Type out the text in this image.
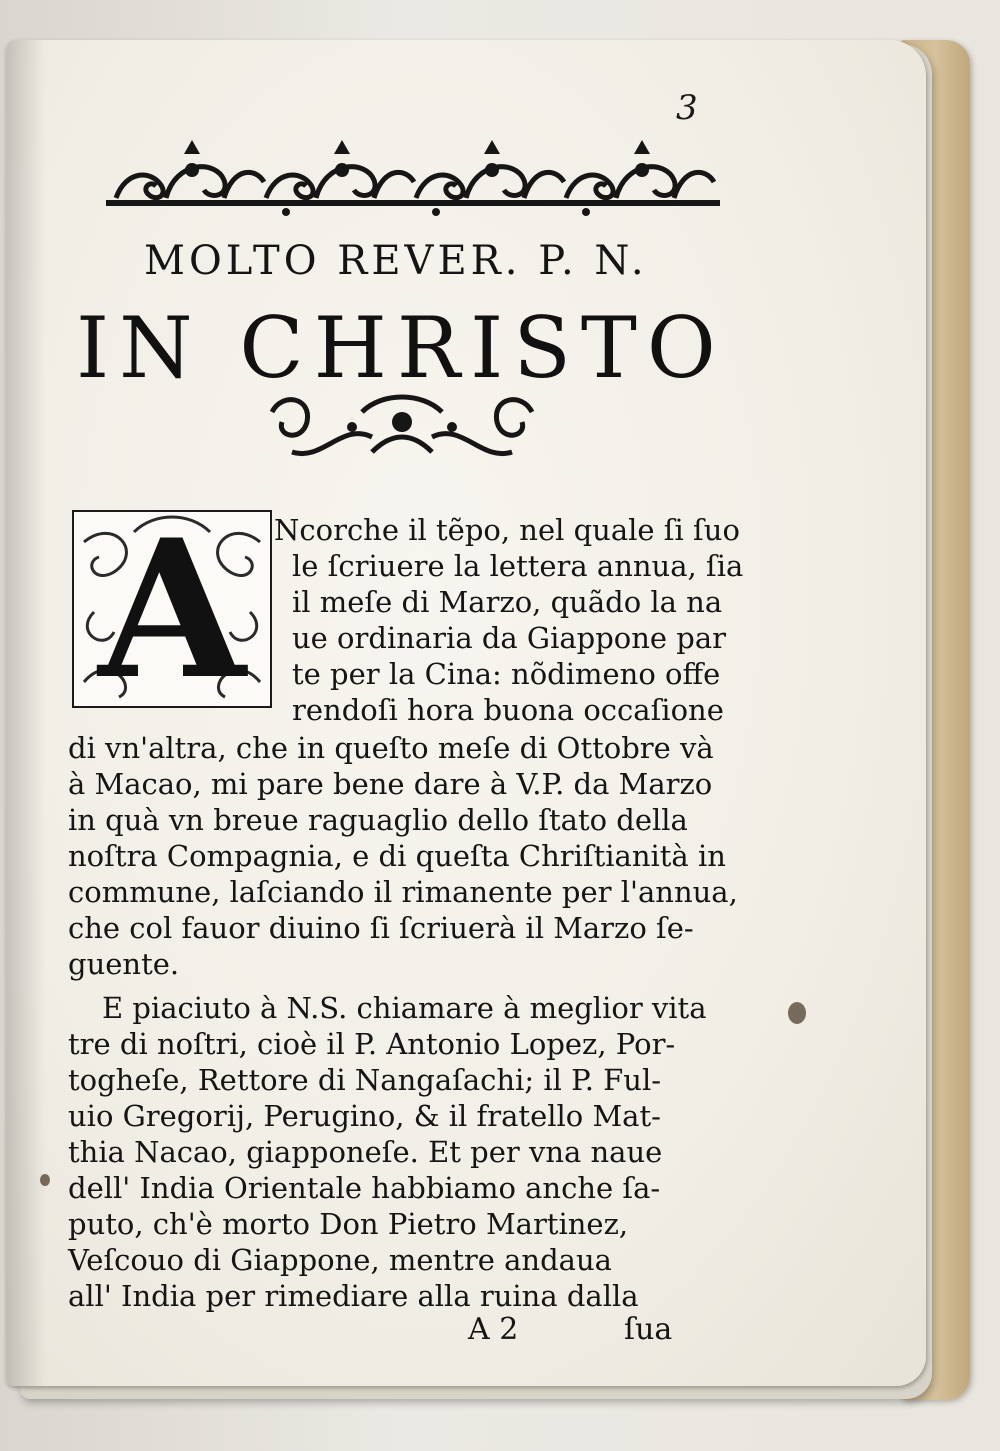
3
MOLTO REVER. P. N.
IN CHRISTO
A Ncorche il tẽpo, nel quale ſi ſuo
le ſcriuere la lettera annua, ſia
il meſe di Marzo, quãdo la na
ue ordinaria da Giappone par
te per la Cina: nõdimeno offe
rendoſi hora buona occaſione
di vn'altra, che in queſto meſe di Ottobre và
à Macao, mi pare bene dare à V.P. da Marzo
in quà vn breue raguaglio dello ſtato della
noſtra Compagnia, e di queſta Chriſtianità in
commune, laſciando il rimanente per l'annua,
che col fauor diuino ſi ſcriuerà il Marzo ſe-
guente.
E piaciuto à N.S. chiamare à meglior vita
tre di noſtri, cioè il P. Antonio Lopez, Por-
togheſe, Rettore di Nangaſachi; il P. Ful-
uio Gregorij, Perugino, & il fratello Mat-
thia Nacao, giapponeſe. Et per vna naue
dell' India Orientale habbiamo anche ſa-
puto, ch'è morto Don Pietro Martinez,
Veſcouo di Giappone, mentre andaua
all' India per rimediare alla ruina dalla
A 2	ſua
